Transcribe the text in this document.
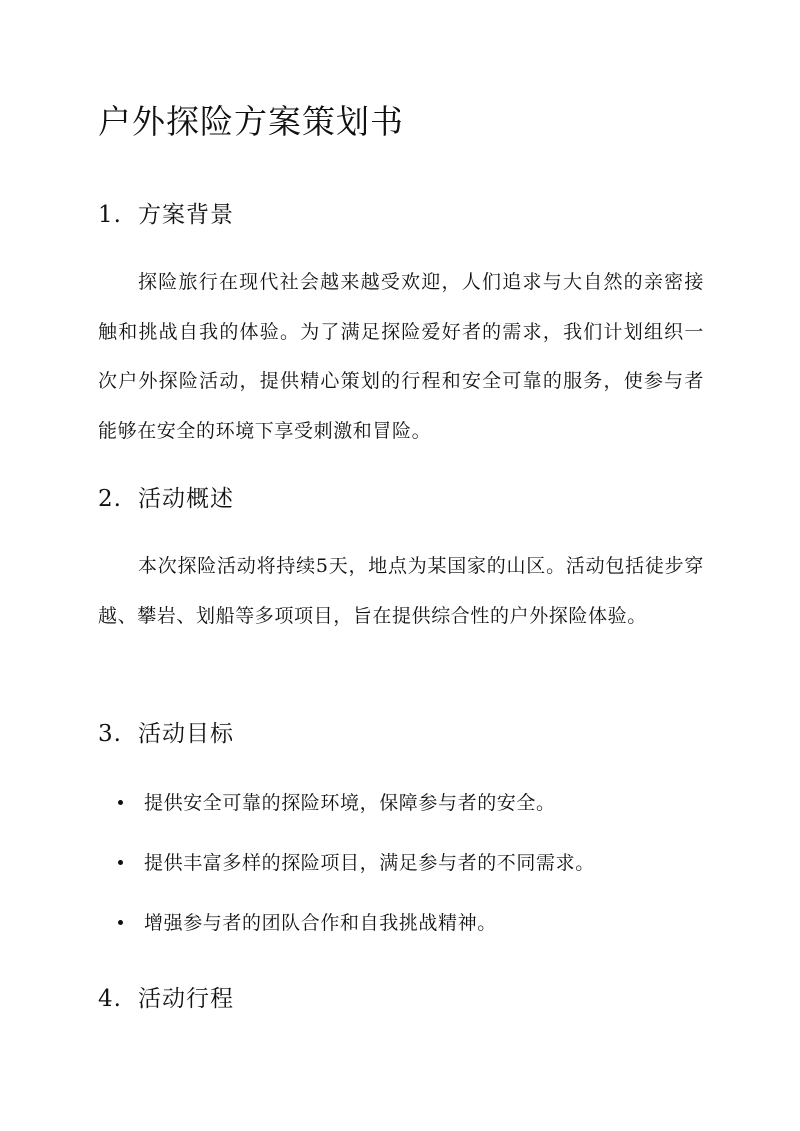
户外探险方案策划书
1. 方案背景

探险旅行在现代社会越来越受欢迎，人们追求与大自然的亲密接触和挑战自我的体验。为了满足探险爱好者的需求，我们计划组织一次户外探险活动，提供精心策划的行程和安全可靠的服务，使参与者能够在安全的环境下享受刺激和冒险。

2. 活动概述

本次探险活动将持续5天，地点为某国家的山区。活动包括徒步穿越、攀岩、划船等多项项目，旨在提供综合性的户外探险体验。

3. 活动目标
提供安全可靠的探险环境，保障参与者的安全。
提供丰富多样的探险项目，满足参与者的不同需求。
增强参与者的团队合作和自我挑战精神。
4. 活动行程
